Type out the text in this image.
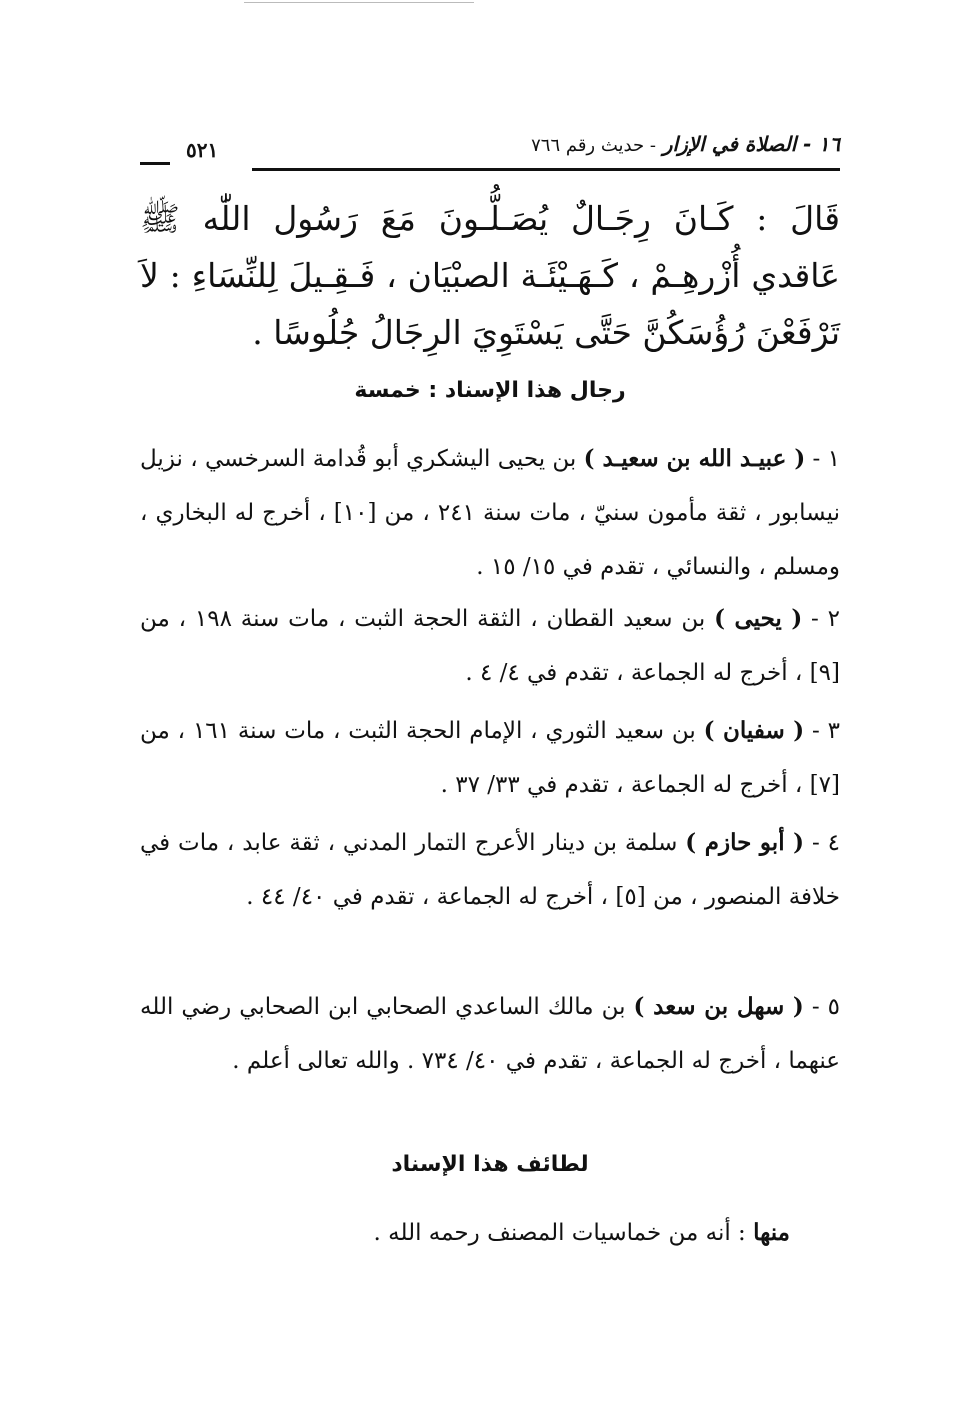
١٦ - الصلاة في الإزار - حديث رقم ٧٦٦
٥٢١
قَالَ : كَـانَ رِجَـالٌ يُصَـلُّـونَ مَعَ رَسُول اللّٰه ﷺ عَاقدي أُزْرهِـمْ ، كَـهَـيْئَـة الصبْيَان ، فَـقِـيلَ لِلنِّسَاءِ : لاَ تَرْفَعْنَ رُؤُسَكُنَّ حَتَّى يَسْتَوِيَ الرِجَالُ جُلُوسًا .
رجال هذا الإسناد : خمسة
١ - ( عبيـد الله بن سعيـد ) بن يحيى اليشكري أبو قُدامة السرخسي ، نزيل نيسابور ، ثقة مأمون سنيّ ، مات سنة ٢٤١ ، من [١٠] ، أخرج له البخاري ، ومسلم ، والنسائي ، تقدم في ١٥/ ١٥ .
٢ - ( يحيى ) بن سعيد القطان ، الثقة الحجة الثبت ، مات سنة ١٩٨ ، من [٩] ، أخرج له الجماعة ، تقدم في ٤/ ٤ .
٣ - ( سفيان ) بن سعيد الثوري ، الإمام الحجة الثبت ، مات سنة ١٦١ ، من [٧] ، أخرج له الجماعة ، تقدم في ٣٣/ ٣٧ .
٤ - ( أبو حازم ) سلمة بن دينار الأعرج التمار المدني ، ثقة عابد ، مات في خلافة المنصور ، من [٥] ، أخرج له الجماعة ، تقدم في ٤٠/ ٤٤ .
٥ - ( سهل بن سعد ) بن مالك الساعدي الصحابي ابن الصحابي رضي الله عنهما ، أخرج له الجماعة ، تقدم في ٤٠/ ٧٣٤ . والله تعالى أعلم .
لطائف هذا الإسناد
منها : أنه من خماسيات المصنف رحمه الله .
